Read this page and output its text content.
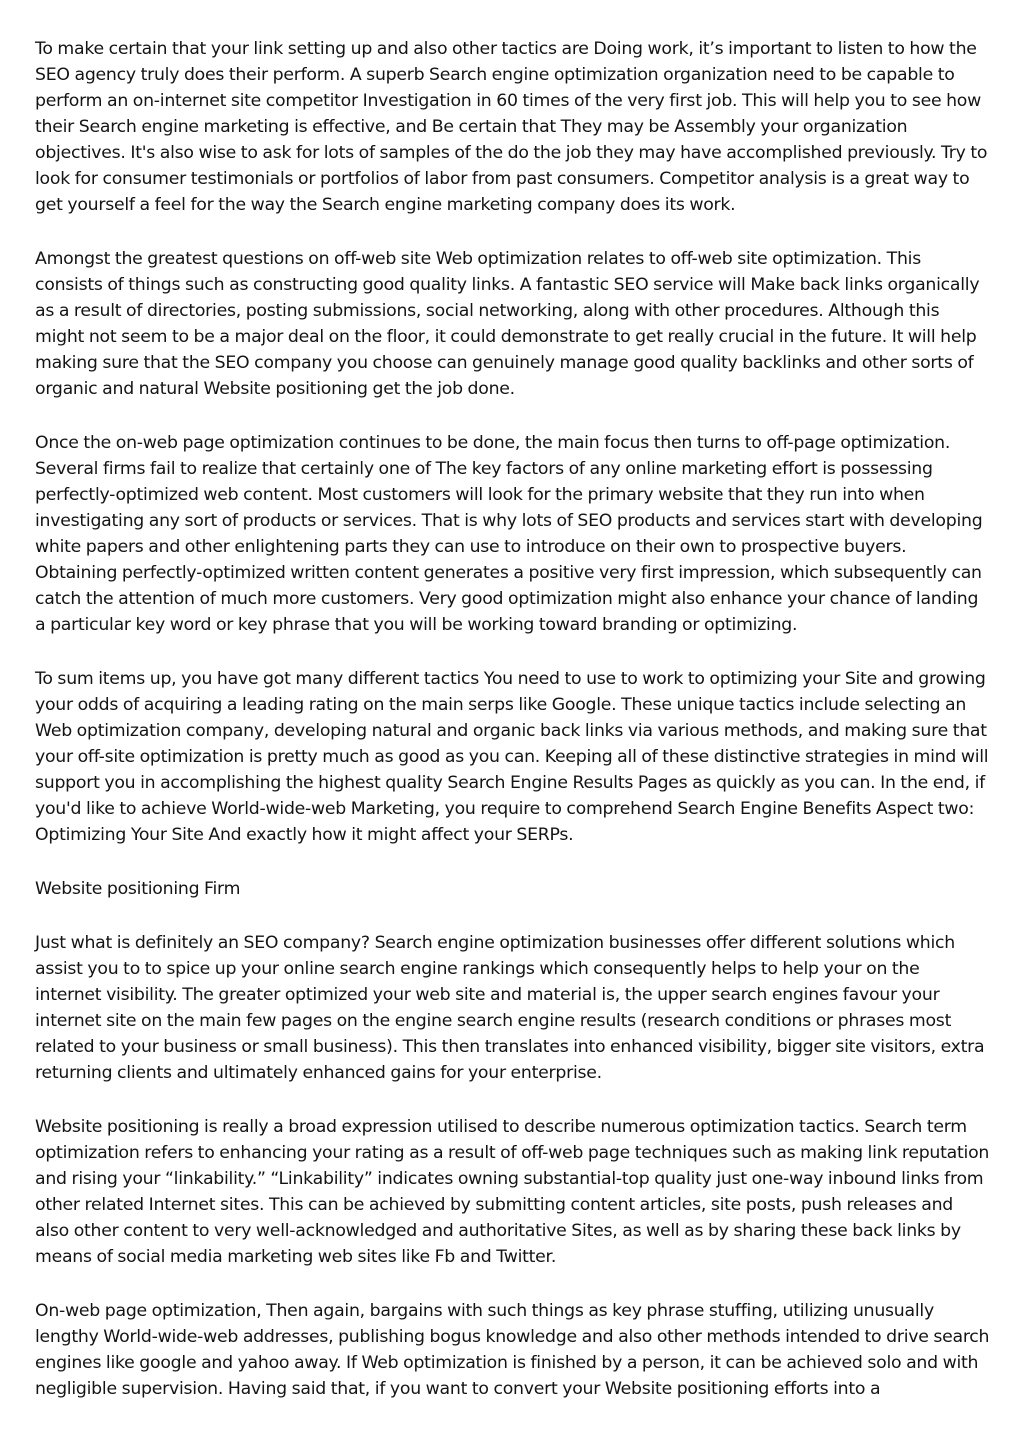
To make certain that your link setting up and also other tactics are Doing work, it’s important to listen to how the SEO agency truly does their perform. A superb Search engine optimization organization need to be capable to perform an on-internet site competitor Investigation in 60 times of the very first job. This will help you to see how their Search engine marketing is effective, and Be certain that They may be Assembly your organization objectives. It's also wise to ask for lots of samples of the do the job they may have accomplished previously. Try to look for consumer testimonials or portfolios of labor from past consumers. Competitor analysis is a great way to get yourself a feel for the way the Search engine marketing company does its work.

Amongst the greatest questions on off-web site Web optimization relates to off-web site optimization. This consists of things such as constructing good quality links. A fantastic SEO service will Make back links organically as a result of directories, posting submissions, social networking, along with other procedures. Although this might not seem to be a major deal on the floor, it could demonstrate to get really crucial in the future. It will help making sure that the SEO company you choose can genuinely manage good quality backlinks and other sorts of organic and natural Website positioning get the job done.

Once the on-web page optimization continues to be done, the main focus then turns to off-page optimization. Several firms fail to realize that certainly one of The key factors of any online marketing effort is possessing perfectly-optimized web content. Most customers will look for the primary website that they run into when investigating any sort of products or services. That is why lots of SEO products and services start with developing white papers and other enlightening parts they can use to introduce on their own to prospective buyers. Obtaining perfectly-optimized written content generates a positive very first impression, which subsequently can catch the attention of much more customers. Very good optimization might also enhance your chance of landing a particular key word or key phrase that you will be working toward branding or optimizing.

To sum items up, you have got many different tactics You need to use to work to optimizing your Site and growing your odds of acquiring a leading rating on the main serps like Google. These unique tactics include selecting an Web optimization company, developing natural and organic back links via various methods, and making sure that your off-site optimization is pretty much as good as you can. Keeping all of these distinctive strategies in mind will support you in accomplishing the highest quality Search Engine Results Pages as quickly as you can. In the end, if you'd like to achieve World-wide-web Marketing, you require to comprehend Search Engine Benefits Aspect two: Optimizing Your Site And exactly how it might affect your SERPs.

Website positioning Firm

Just what is definitely an SEO company? Search engine optimization businesses offer different solutions which assist you to to spice up your online search engine rankings which consequently helps to help your on the internet visibility. The greater optimized your web site and material is, the upper search engines favour your internet site on the main few pages on the engine search engine results (research conditions or phrases most related to your business or small business). This then translates into enhanced visibility, bigger site visitors, extra returning clients and ultimately enhanced gains for your enterprise.

Website positioning is really a broad expression utilised to describe numerous optimization tactics. Search term optimization refers to enhancing your rating as a result of off-web page techniques such as making link reputation and rising your “linkability.” “Linkability” indicates owning substantial-top quality just one-way inbound links from other related Internet sites. This can be achieved by submitting content articles, site posts, push releases and also other content to very well-acknowledged and authoritative Sites, as well as by sharing these back links by means of social media marketing web sites like Fb and Twitter.

On-web page optimization, Then again, bargains with such things as key phrase stuffing, utilizing unusually lengthy World-wide-web addresses, publishing bogus knowledge and also other methods intended to drive search engines like google and yahoo away. If Web optimization is finished by a person, it can be achieved solo and with negligible supervision. Having said that, if you want to convert your Website positioning efforts into a
